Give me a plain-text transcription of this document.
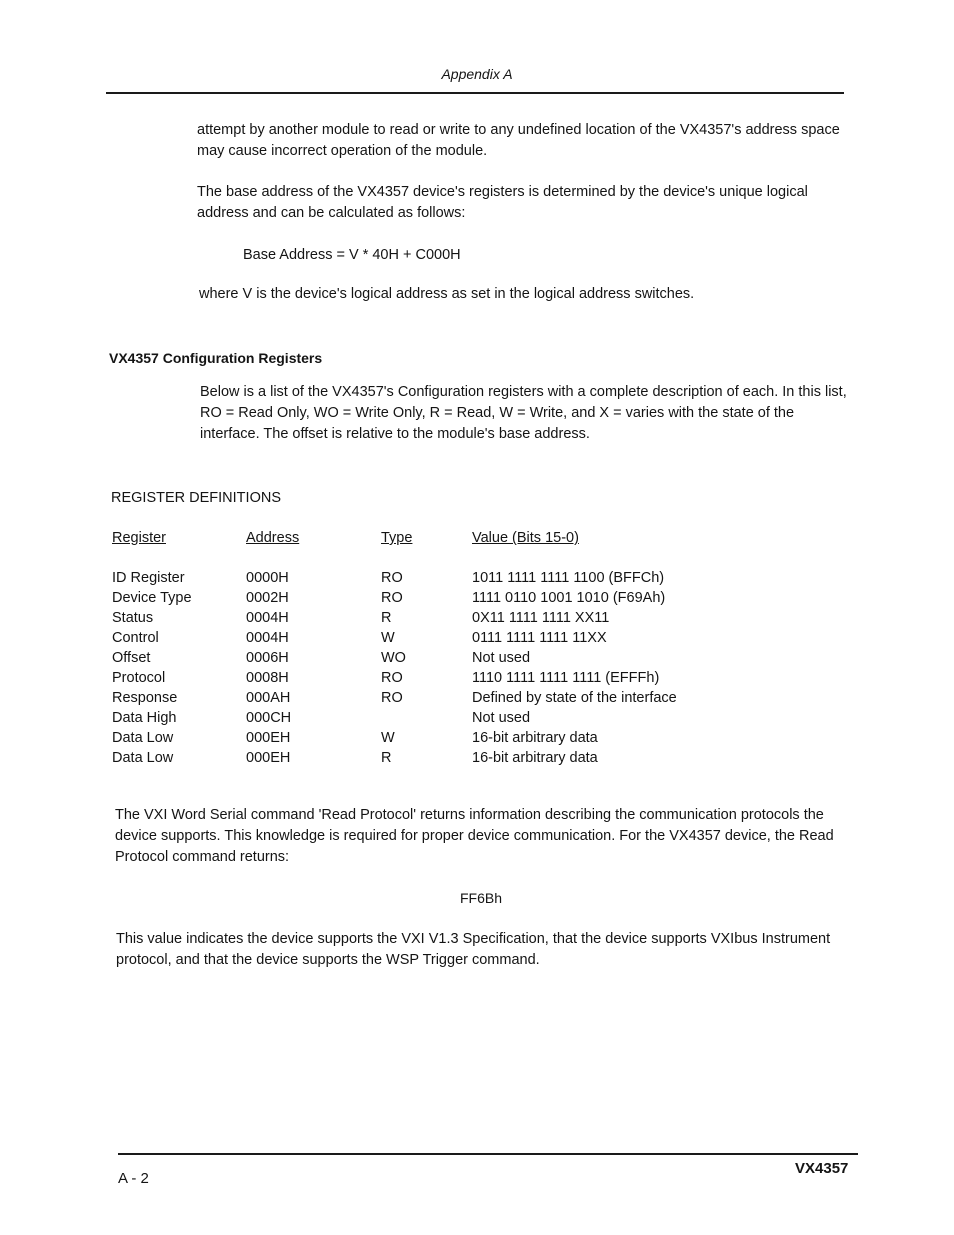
Appendix A

attempt by another module to read or write to any undefined location of the VX4357's address space may cause incorrect operation of the module.

The base address of the VX4357 device's registers is determined by the device's unique logical address and can be calculated as follows:

Base Address = V * 40H + C000H

where V is the device's logical address as set in the logical address switches.

VX4357 Configuration Registers

Below is a list of the VX4357's Configuration registers with a complete description of each. In this list, RO = Read Only, WO = Write Only, R = Read, W = Write, and X = varies with the state of the interface. The offset is relative to the module's base address.

REGISTER DEFINITIONS
Register	Address	Type	Value (Bits 15-0)
ID Register	0000H	RO	1011 1111 1111 1100 (BFFCh)
Device Type	0002H	RO	1111 0110 1001 1010 (F69Ah)
Status	0004H	R	0X11 1111 1111 XX11
Control	0004H	W	0111 1111 1111 11XX
Offset	0006H	WO	Not used
Protocol	0008H	RO	1110 1111 1111 1111 (EFFFh)
Response	000AH	RO	Defined by state of the interface
Data High	000CH		Not used
Data Low	000EH	W	16-bit arbitrary data
Data Low	000EH	R	16-bit arbitrary data

The VXI Word Serial command 'Read Protocol' returns information describing the communication protocols the device supports. This knowledge is required for proper device communication. For the VX4357 device, the Read Protocol command returns:

FF6Bh

This value indicates the device supports the VXI V1.3 Specification, that the device supports VXIbus Instrument protocol, and that the device supports the WSP Trigger command.

A - 2
VX4357
